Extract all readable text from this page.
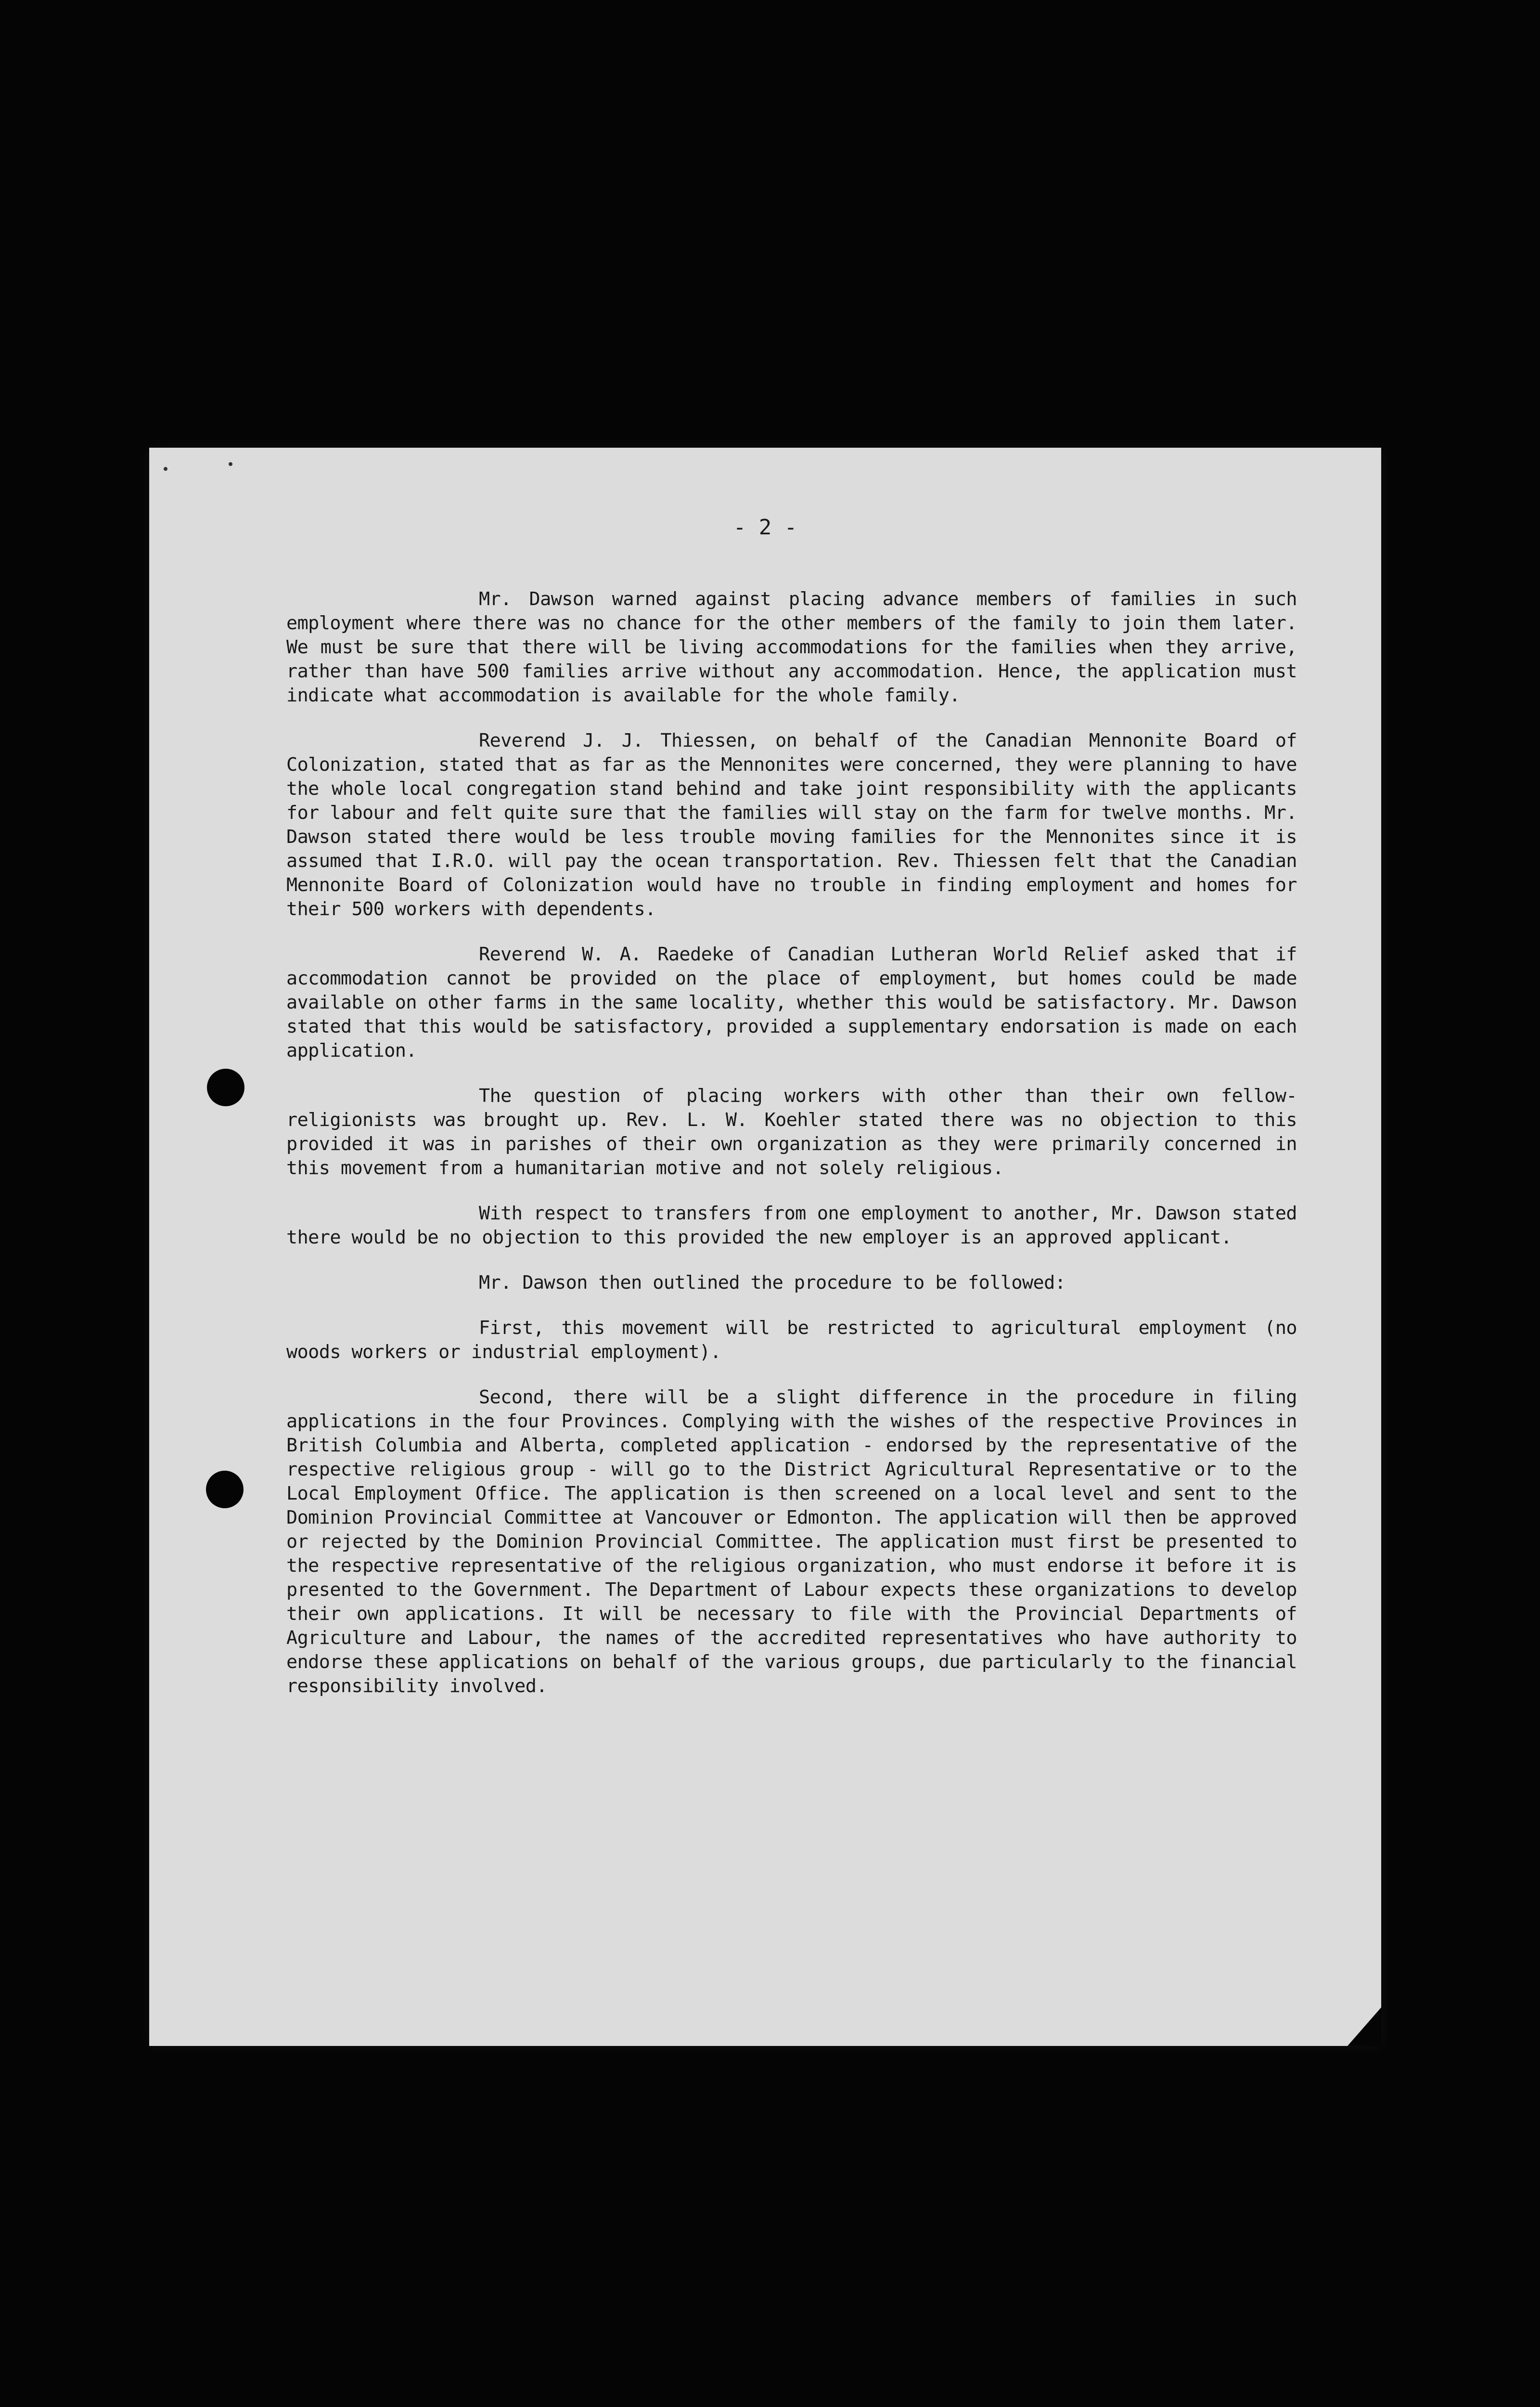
- 2 -

Mr. Dawson warned against placing advance members of families in such employment where there was no chance for the other members of the family to join them later. We must be sure that there will be living accommodations for the families when they arrive, rather than have 500 families arrive without any accommodation. Hence, the application must indicate what accommodation is available for the whole family.

Reverend J. J. Thiessen, on behalf of the Canadian Mennonite Board of Colonization, stated that as far as the Mennonites were concerned, they were planning to have the whole local congregation stand behind and take joint responsibility with the applicants for labour and felt quite sure that the families will stay on the farm for twelve months. Mr. Dawson stated there would be less trouble moving families for the Mennonites since it is assumed that I.R.O. will pay the ocean transportation. Rev. Thiessen felt that the Canadian Mennonite Board of Colonization would have no trouble in finding employment and homes for their 500 workers with dependents.

Reverend W. A. Raedeke of Canadian Lutheran World Relief asked that if accommodation cannot be provided on the place of employment, but homes could be made available on other farms in the same locality, whether this would be satisfactory. Mr. Dawson stated that this would be satisfactory, provided a supplementary endorsation is made on each application.

The question of placing workers with other than their own fellow-religionists was brought up. Rev. L. W. Koehler stated there was no objection to this provided it was in parishes of their own organization as they were primarily concerned in this movement from a humanitarian motive and not solely religious.

With respect to transfers from one employment to another, Mr. Dawson stated there would be no objection to this provided the new employer is an approved applicant.

Mr. Dawson then outlined the procedure to be followed:

First, this movement will be restricted to agricultural employment (no woods workers or industrial employment).

Second, there will be a slight difference in the procedure in filing applications in the four Provinces. Complying with the wishes of the respective Provinces in British Columbia and Alberta, completed application - endorsed by the representative of the respective religious group - will go to the District Agricultural Representative or to the Local Employment Office. The application is then screened on a local level and sent to the Dominion Provincial Committee at Vancouver or Edmonton. The application will then be approved or rejected by the Dominion Provincial Committee. The application must first be presented to the respective representative of the religious organization, who must endorse it before it is presented to the Government. The Department of Labour expects these organizations to develop their own applications. It will be necessary to file with the Provincial Departments of Agriculture and Labour, the names of the accredited representatives who have authority to endorse these applications on behalf of the various groups, due particularly to the financial responsibility involved.
